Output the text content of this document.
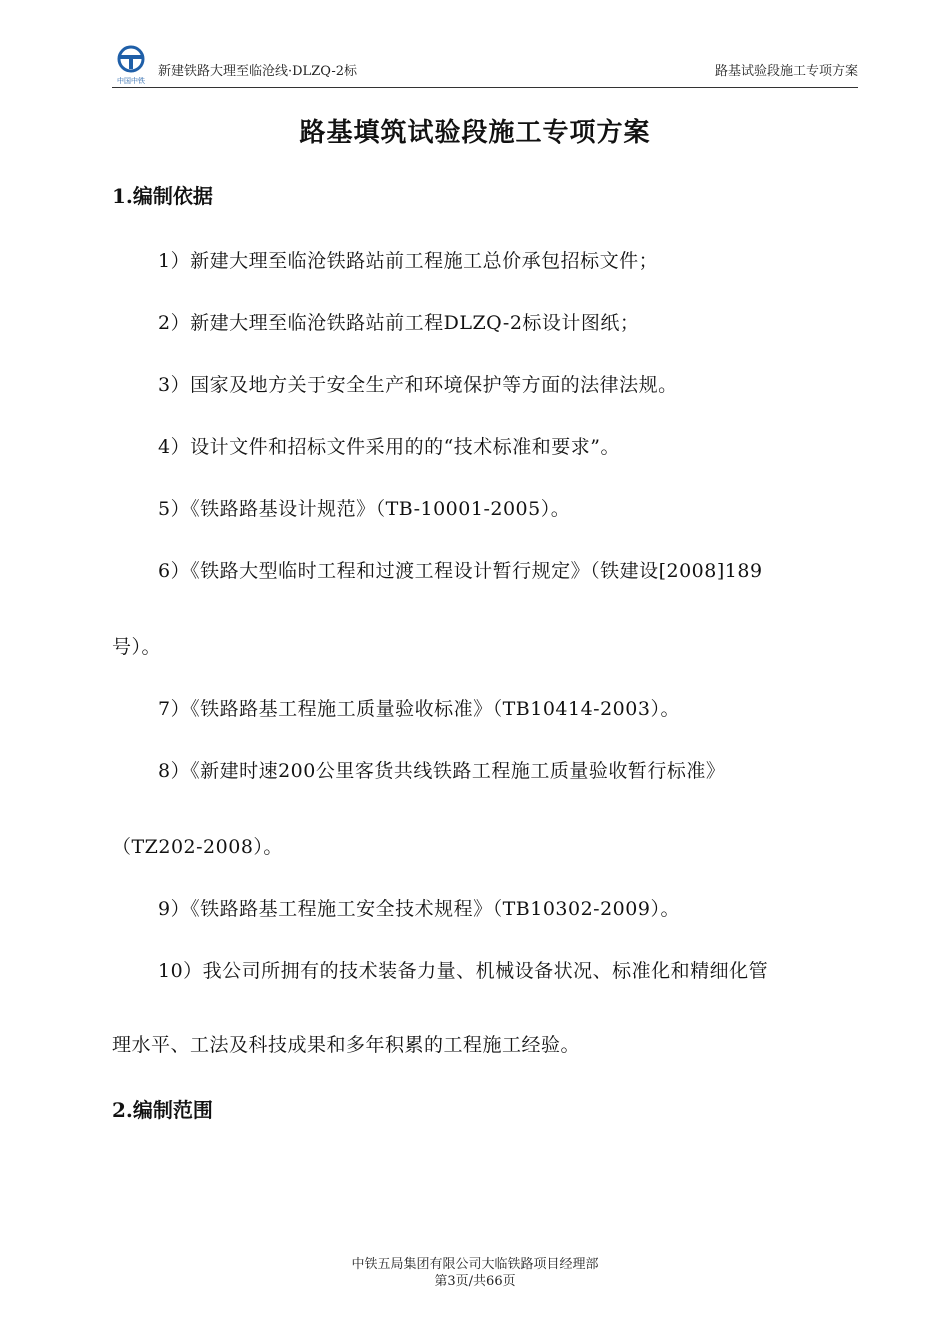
中国中铁
新建铁路大理至临沧线·DLZQ-2标	路基试验段施工专项方案
路基填筑试验段施工专项方案
1.编制依据
1）新建大理至临沧铁路站前工程施工总价承包招标文件；
2）新建大理至临沧铁路站前工程DLZQ-2标设计图纸；
3）国家及地方关于安全生产和环境保护等方面的法律法规。
4）设计文件和招标文件采用的的“技术标准和要求”。
5）《铁路路基设计规范》（TB-10001-2005）。
6）《铁路大型临时工程和过渡工程设计暂行规定》（铁建设[2008]189
号）。
7）《铁路路基工程施工质量验收标准》（TB10414-2003）。
8）《新建时速200公里客货共线铁路工程施工质量验收暂行标准》
（TZ202-2008）。
9）《铁路路基工程施工安全技术规程》（TB10302-2009）。
10）我公司所拥有的技术装备力量、机械设备状况、标准化和精细化管
理水平、工法及科技成果和多年积累的工程施工经验。
2.编制范围
中铁五局集团有限公司大临铁路项目经理部
第3页/共66页
